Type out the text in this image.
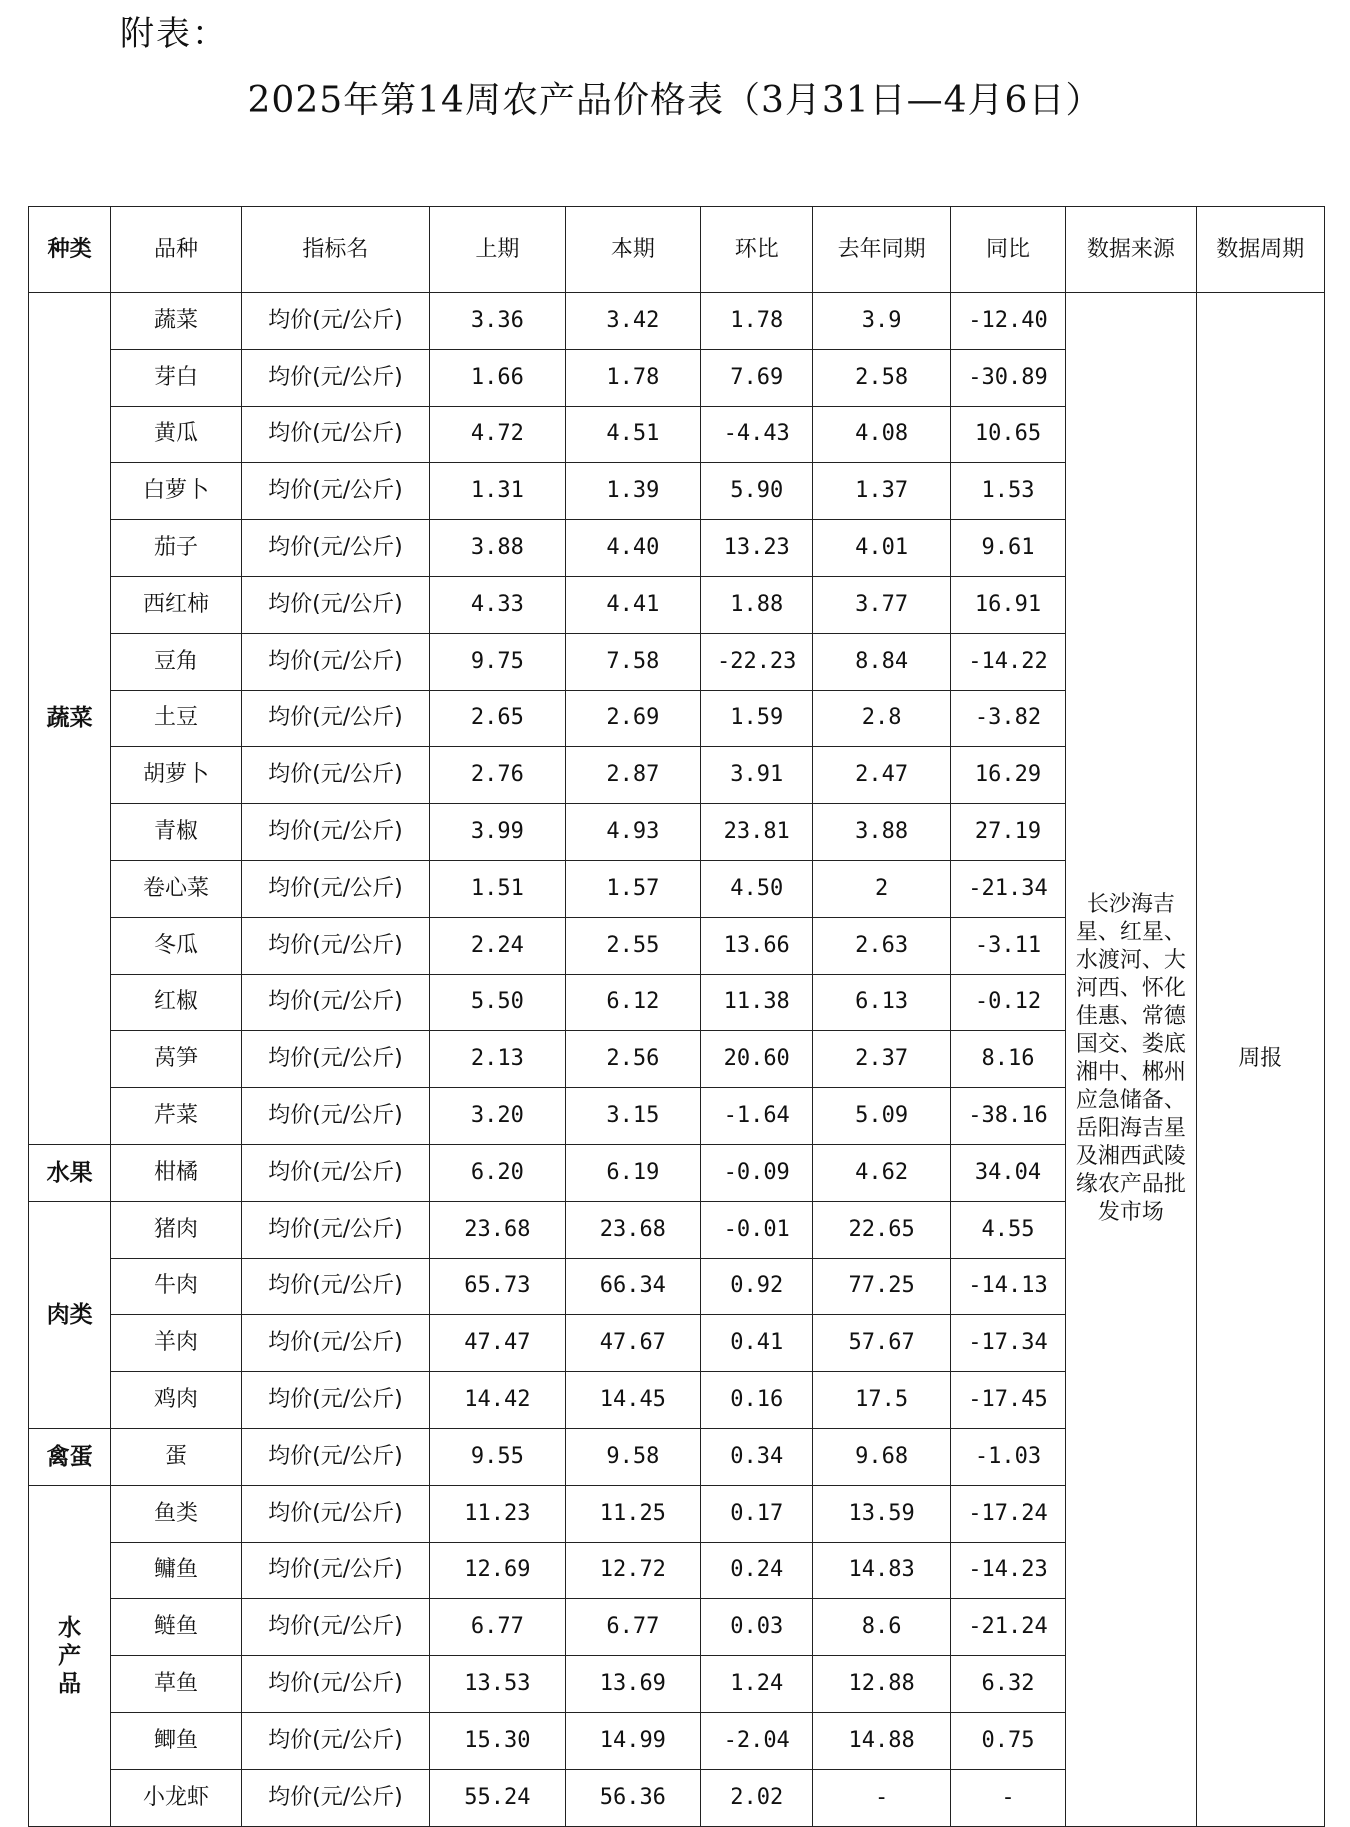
附表：
2025年第14周农产品价格表（3月31日—4月6日）
种类	品种	指标名	上期	本期	环比	去年同期	同比	数据来源	数据周期
蔬菜	蔬菜	均价(元/公斤)	3.36	3.42	1.78	3.9	-12.40	长沙海吉星、红星、水渡河、大河西、怀化佳惠、常德国交、娄底湘中、郴州应急储备、岳阳海吉星及湘西武陵缘农产品批发市场	周报
	芽白	均价(元/公斤)	1.66	1.78	7.69	2.58	-30.89		
	黄瓜	均价(元/公斤)	4.72	4.51	-4.43	4.08	10.65		
	白萝卜	均价(元/公斤)	1.31	1.39	5.90	1.37	1.53		
	茄子	均价(元/公斤)	3.88	4.40	13.23	4.01	9.61		
	西红柿	均价(元/公斤)	4.33	4.41	1.88	3.77	16.91		
	豆角	均价(元/公斤)	9.75	7.58	-22.23	8.84	-14.22		
	土豆	均价(元/公斤)	2.65	2.69	1.59	2.8	-3.82		
	胡萝卜	均价(元/公斤)	2.76	2.87	3.91	2.47	16.29		
	青椒	均价(元/公斤)	3.99	4.93	23.81	3.88	27.19		
	卷心菜	均价(元/公斤)	1.51	1.57	4.50	2	-21.34		
	冬瓜	均价(元/公斤)	2.24	2.55	13.66	2.63	-3.11		
	红椒	均价(元/公斤)	5.50	6.12	11.38	6.13	-0.12		
	莴笋	均价(元/公斤)	2.13	2.56	20.60	2.37	8.16		
	芹菜	均价(元/公斤)	3.20	3.15	-1.64	5.09	-38.16		
水果	柑橘	均价(元/公斤)	6.20	6.19	-0.09	4.62	34.04		
肉类	猪肉	均价(元/公斤)	23.68	23.68	-0.01	22.65	4.55		
	牛肉	均价(元/公斤)	65.73	66.34	0.92	77.25	-14.13		
	羊肉	均价(元/公斤)	47.47	47.67	0.41	57.67	-17.34		
	鸡肉	均价(元/公斤)	14.42	14.45	0.16	17.5	-17.45		
禽蛋	蛋	均价(元/公斤)	9.55	9.58	0.34	9.68	-1.03		
水产品	鱼类	均价(元/公斤)	11.23	11.25	0.17	13.59	-17.24		
	鳙鱼	均价(元/公斤)	12.69	12.72	0.24	14.83	-14.23		
	鲢鱼	均价(元/公斤)	6.77	6.77	0.03	8.6	-21.24		
	草鱼	均价(元/公斤)	13.53	13.69	1.24	12.88	6.32		
	鲫鱼	均价(元/公斤)	15.30	14.99	-2.04	14.88	0.75		
	小龙虾	均价(元/公斤)	55.24	56.36	2.02	-	-		
